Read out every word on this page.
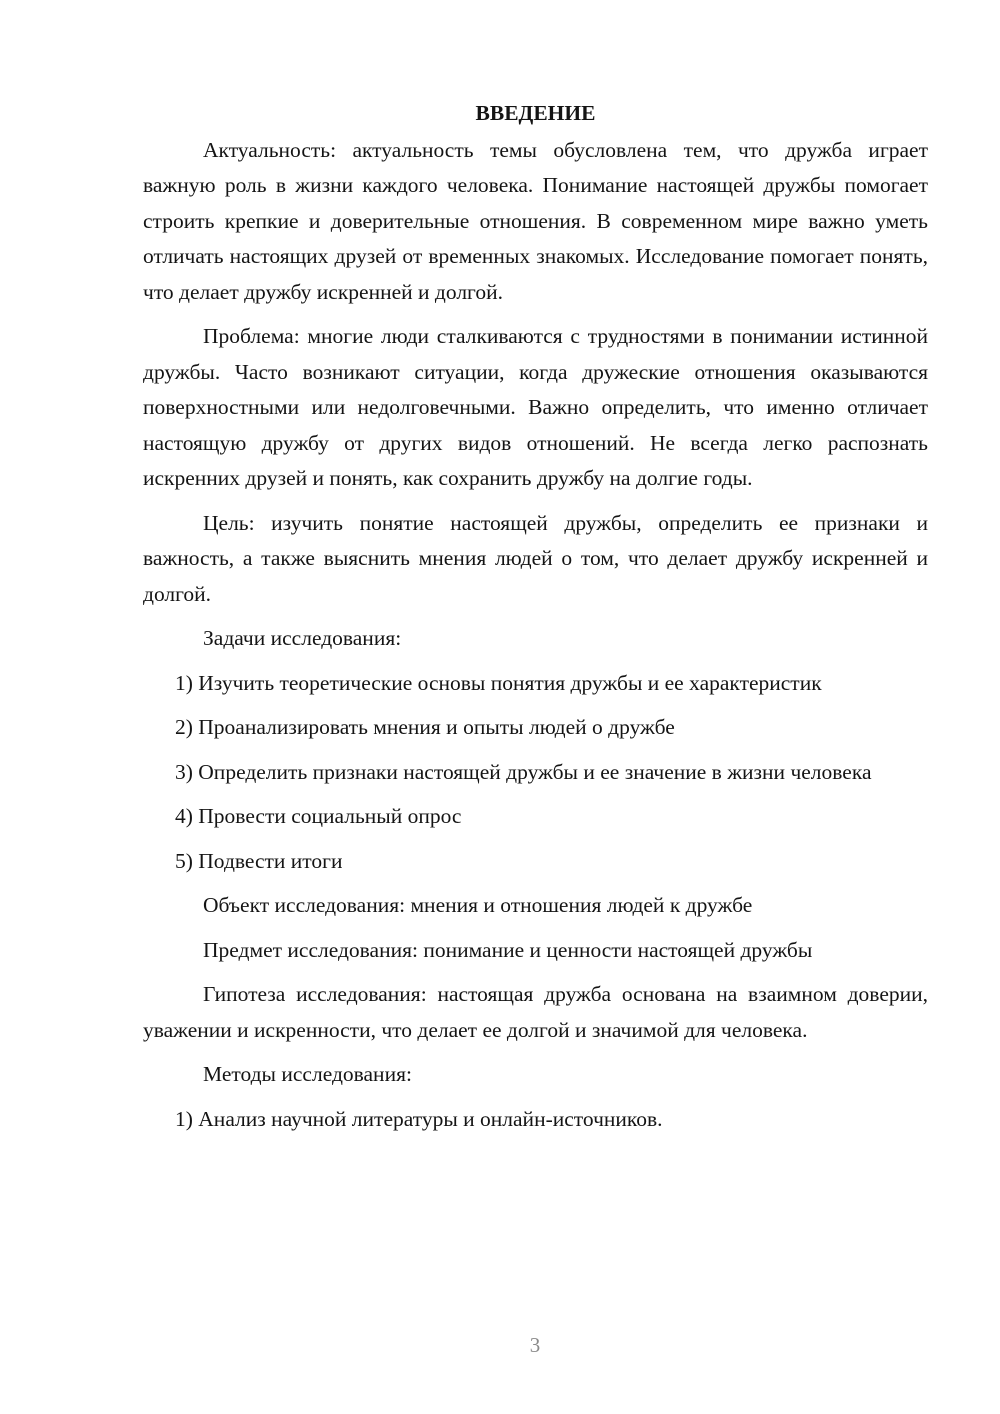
ВВЕДЕНИЕ

Актуальность: актуальность темы обусловлена тем, что дружба играет важную роль в жизни каждого человека. Понимание настоящей дружбы помогает строить крепкие и доверительные отношения. В современном мире важно уметь отличать настоящих друзей от временных знакомых. Исследование помогает понять, что делает дружбу искренней и долгой.

Проблема: многие люди сталкиваются с трудностями в понимании истинной дружбы. Часто возникают ситуации, когда дружеские отношения оказываются поверхностными или недолговечными. Важно определить, что именно отличает настоящую дружбу от других видов отношений. Не всегда легко распознать искренних друзей и понять, как сохранить дружбу на долгие годы.

Цель: изучить понятие настоящей дружбы, определить ее признаки и важность, а также выяснить мнения людей о том, что делает дружбу искренней и долгой.

Задачи исследования:

1) Изучить теоретические основы понятия дружбы и ее характеристик

2) Проанализировать мнения и опыты людей о дружбе

3) Определить признаки настоящей дружбы и ее значение в жизни человека

4) Провести социальный опрос

5) Подвести итоги

Объект исследования: мнения и отношения людей к дружбе

Предмет исследования: понимание и ценности настоящей дружбы

Гипотеза исследования: настоящая дружба основана на взаимном доверии, уважении и искренности, что делает ее долгой и значимой для человека.

Методы исследования:

1) Анализ научной литературы и онлайн-источников.

3
